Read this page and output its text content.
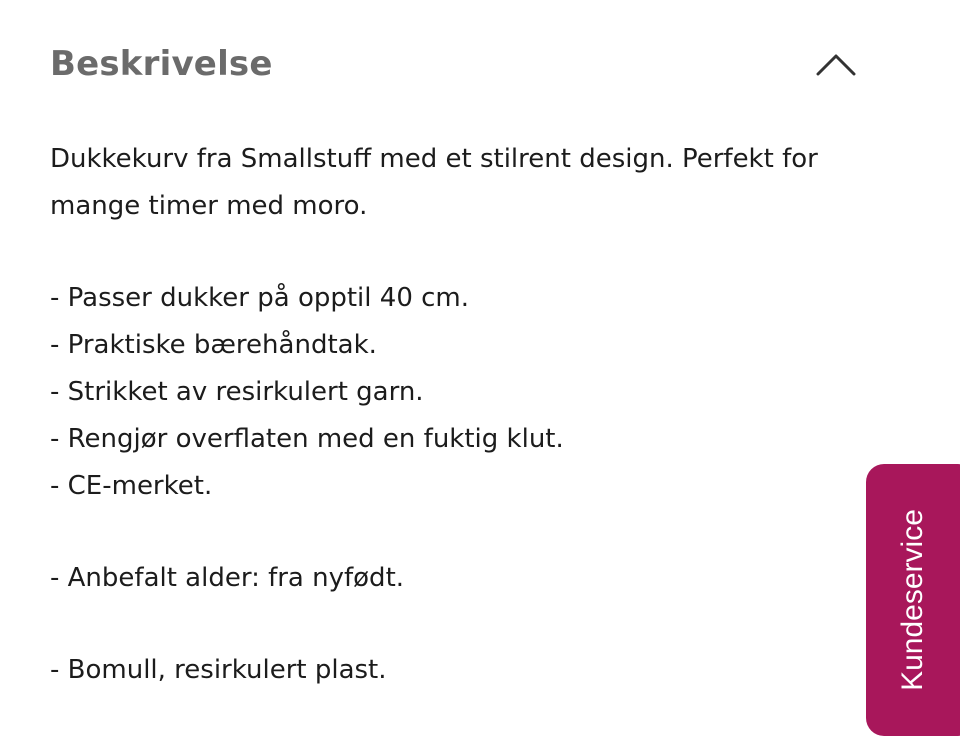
Beskrivelse

Dukkekurv fra Smallstuff med et stilrent design. Perfekt for

mange timer med moro.

- Passer dukker på opptil 40 cm.

- Praktiske bærehåndtak.

- Strikket av resirkulert garn.

- Rengjør overflaten med en fuktig klut.

- CE-merket.

- Anbefalt alder: fra nyfødt.

- Bomull, resirkulert plast.	Kundeservice
